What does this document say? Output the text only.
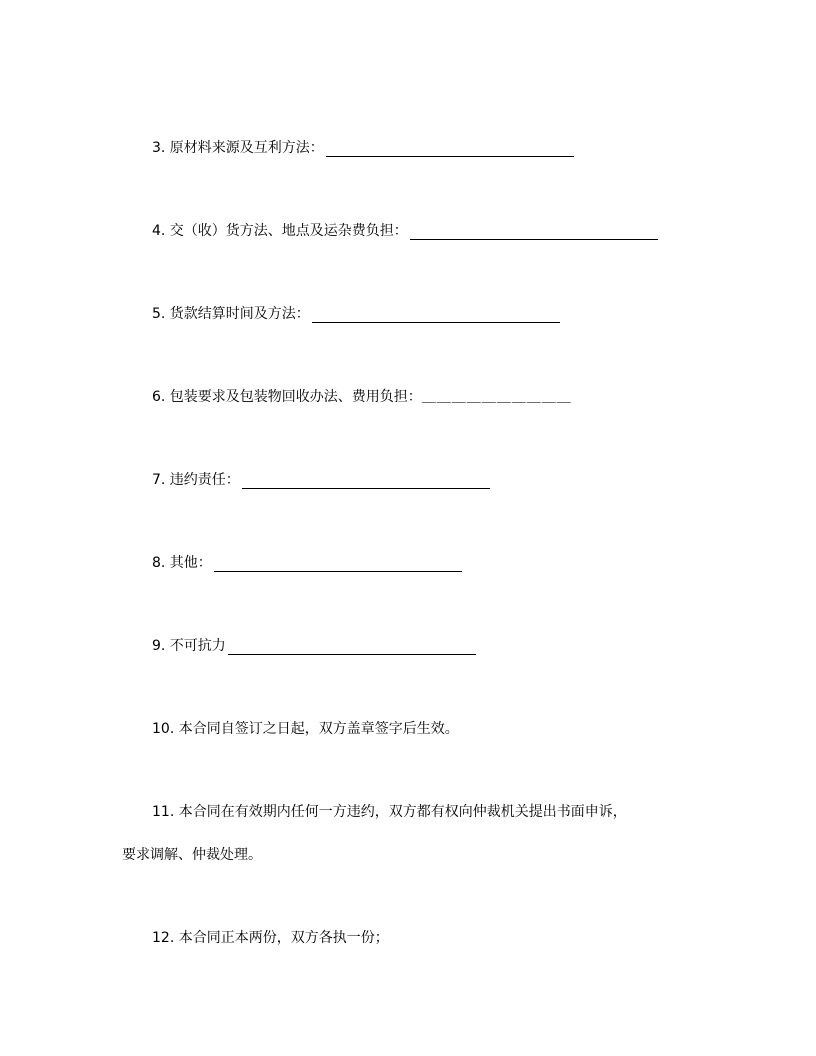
3. 原材料来源及互利方法：
4. 交（收）货方法、地点及运杂费负担：
5. 货款结算时间及方法：
6. 包装要求及包装物回收办法、费用负担： ＿＿＿＿＿＿＿＿＿＿
7. 违约责任：
8. 其他：
9. 不可抗力
10. 本合同自签订之日起，双方盖章签字后生效。
11. 本合同在有效期内任何一方违约，双方都有权向仲裁机关提出书面申诉，
要求调解、仲裁处理。
12. 本合同正本两份，双方各执一份；
